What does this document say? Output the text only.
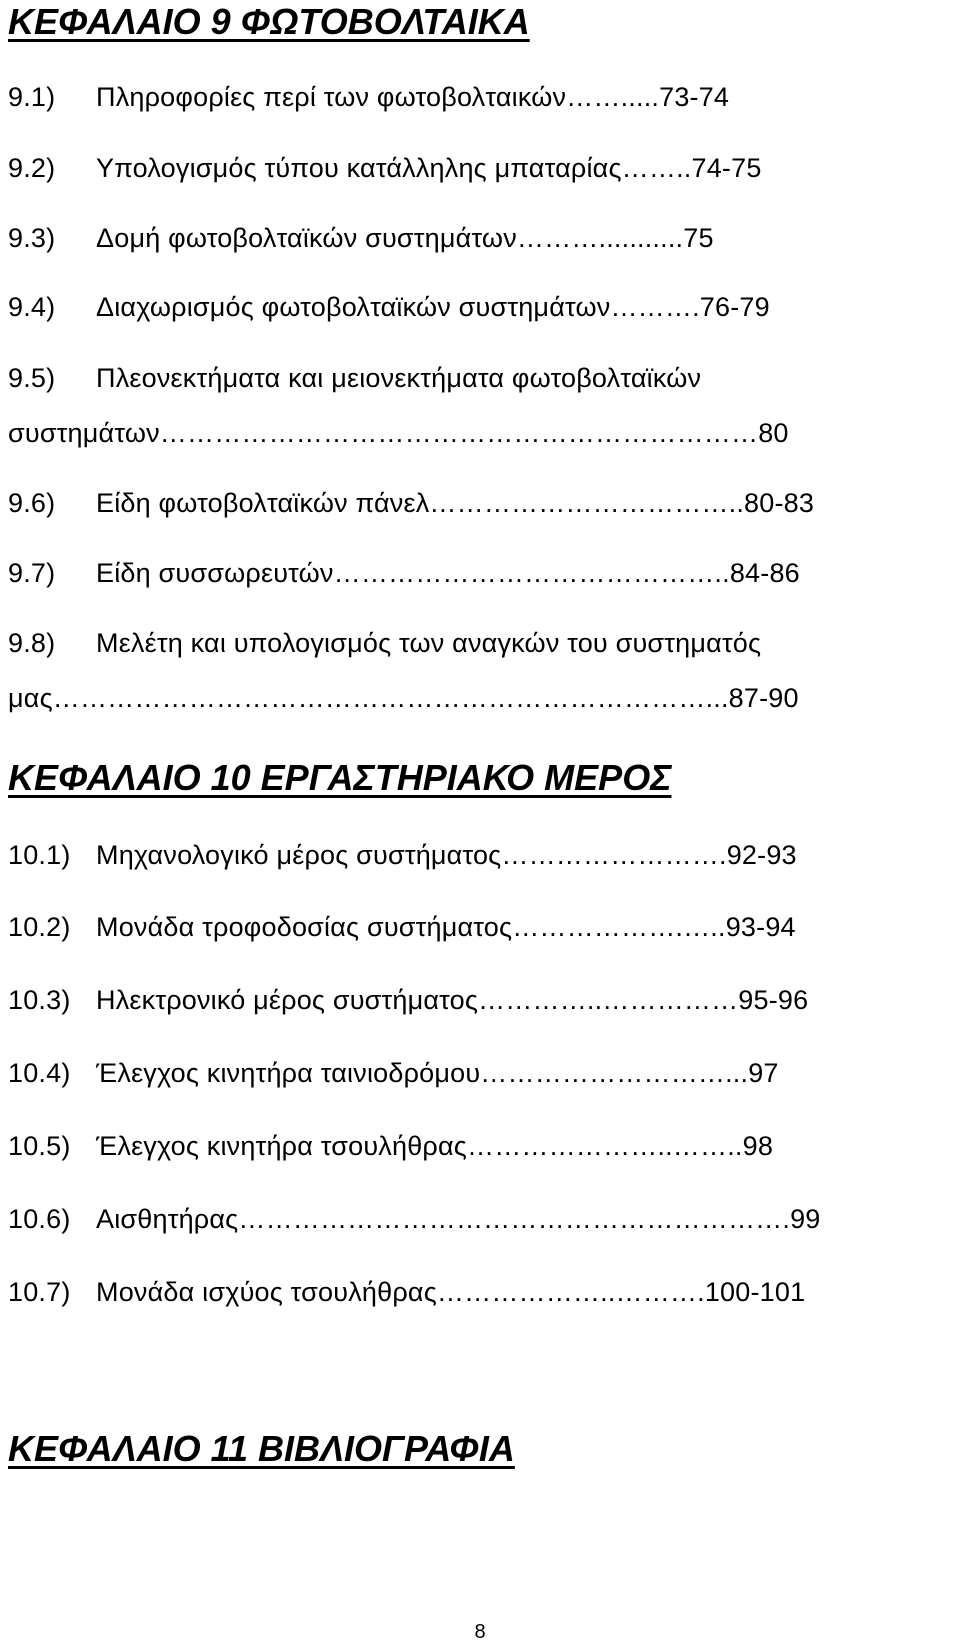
ΚΕΦΑΛΑΙΟ 9 ΦΩΤΟΒΟΛΤΑΙΚΑ
9.1) Πληροφορίες περί των φωτοβολταικών…….....73-74
9.2) Υπολογισμός τύπου κατάλληλης μπαταρίας……..74-75
9.3) Δομή φωτοβολταϊκών συστημάτων………...........75
9.4) Διαχωρισμός φωτοβολταϊκών συστημάτων……….76-79
9.5) Πλεονεκτήματα και μειονεκτήματα φωτοβολταϊκών
συστημάτων…………………………………………………………80
9.6) Είδη φωτοβολταϊκών πάνελ……………………………..80-83
9.7) Είδη συσσωρευτών……………………………………..84-86
9.8) Μελέτη και υπολογισμός των αναγκών του συστηματός
μας………………………………………………………………...87-90
ΚΕΦΑΛΑΙΟ 10 ΕΡΓΑΣΤΗΡΙΑΚΟ ΜΕΡΟΣ
10.1) Μηχανολογικό μέρος συστήματος…………………….92-93
10.2) Μονάδα τροφοδοσίας συστήματος……………….…..93-94
10.3) Ηλεκτρονικό μέρος συστήματος…………..……………95-96
10.4) Έλεγχος κινητήρα ταινιοδρόμου………………………...97
10.5) Έλεγχος κινητήρα τσουλήθρας…………………..……..98
10.6) Αισθητήρας…………………………………………………….99
10.7) Μονάδα ισχύος τσουλήθρας………………..……….100-101
ΚΕΦΑΛΑΙΟ 11 ΒΙΒΛΙΟΓΡΑΦΙΑ
8
